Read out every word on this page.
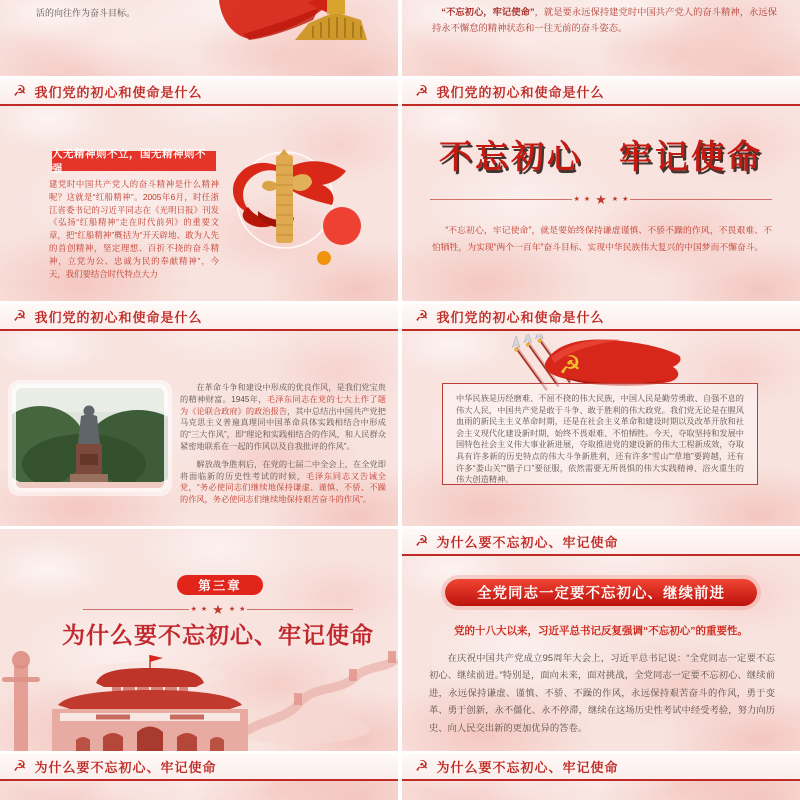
活的向往作为奋斗目标。	“不忘初心，牢记使命”，就是要永远保持建党时中国共产党人的奋斗精神，永远保持永不懈怠的精神状态和一往无前的奋斗姿态。
☭ 我们党的初心和使命是什么
人无精神则不立，国无精神则不强
建党时中国共产党人的奋斗精神是什么精神呢？这就是“红船精神”。2005年6月，时任浙江省委书记的习近平同志在《光明日报》刊发《弘扬“红船精神”走在时代前列》的重要文章，把“红船精神”概括为“开天辟地、敢为人先的首创精神，坚定理想、百折不挠的奋斗精神，立党为公、忠诚为民的奉献精神”，今天，我们要结合时代特点大力
☭ 我们党的初心和使命是什么
不忘初心　牢记使命
★ ★ ★ ★ ★
“不忘初心，牢记使命”，就是要始终保持谦虚谨慎、不骄不躁的作风，不畏艰难、不怕牺牲，为实现“两个一百年”奋斗目标、实现中华民族伟大复兴的中国梦而不懈奋斗。
☭ 我们党的初心和使命是什么

在革命斗争和建设中形成的优良作风，是我们党宝贵的精神财富。1945年，毛泽东同志在党的七大上作了题为《论联合政府》的政治报告，其中总结出中国共产党把马克思主义普遍真理同中国革命具体实践相结合中形成的“三大作风”，即“理论和实践相结合的作风，和人民群众紧密地联系在一起的作风以及自我批评的作风”。

解放战争胜利后，在党的七届二中全会上，在全党即将面临新的历史性考试的时候，毛泽东同志又告诫全党，“务必使同志们继续地保持谦虚、谨慎、不骄、不躁的作风，务必使同志们继续地保持艰苦奋斗的作风”。

☭ 我们党的初心和使命是什么
☭
中华民族是历经磨难、不屈不挠的伟大民族，中国人民是勤劳勇敢、自强不息的伟大人民，中国共产党是敢于斗争、敢于胜利的伟大政党。我们党无论是在腥风血雨的新民主主义革命时期，还是在社会主义革命和建设时期以及改革开放和社会主义现代化建设新时期，始终不畏艰难、不怕牺牲。今天，夺取坚持和发展中国特色社会主义伟大事业新进展，夺取推进党的建设新的伟大工程新成效，夺取具有许多新的历史特点的伟大斗争新胜利，还有许多“雪山”“草地”要跨越，还有许多“娄山关”“腊子口”要征服，依然需要无所畏惧的伟大实践精神、浴火重生的伟大创造精神。
第三章
★ ★ ★ ★ ★
为什么要不忘初心、牢记使命
☭ 为什么要不忘初心、牢记使命
全党同志一定要不忘初心、继续前进
党的十八大以来，习近平总书记反复强调“不忘初心”的重要性。
在庆祝中国共产党成立95周年大会上，习近平总书记说：“全党同志一定要不忘初心、继续前进。”特别是，面向未来，面对挑战，全党同志一定要不忘初心、继续前进，永远保持谦虚、谨慎、不骄、不躁的作风，永远保持艰苦奋斗的作风，勇于变革、勇于创新，永不僵化、永不停滞，继续在这场历史性考试中经受考验，努力向历史、向人民交出新的更加优异的答卷。
☭ 为什么要不忘初心、牢记使命	☭ 为什么要不忘初心、牢记使命
